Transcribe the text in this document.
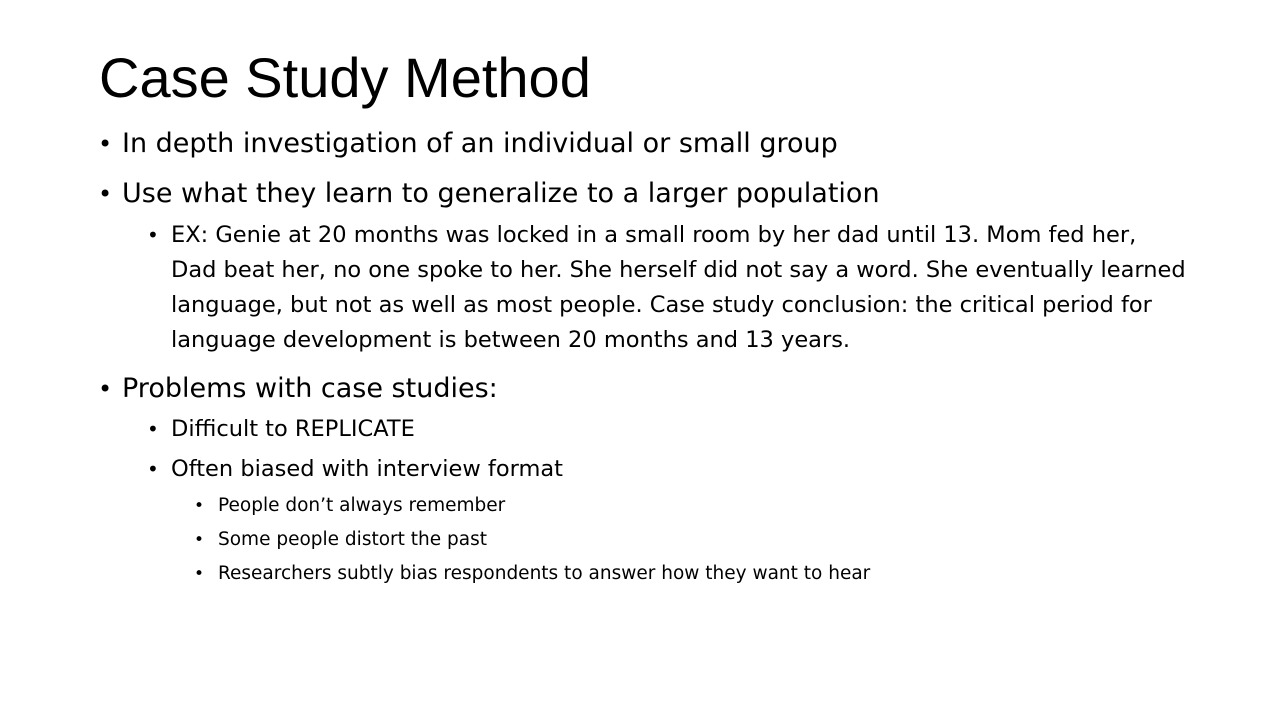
Case Study Method
• In depth investigation of an individual or small group
• Use what they learn to generalize to a larger population
• EX: Genie at 20 months was locked in a small room by her dad until 13. Mom fed her, Dad beat her, no one spoke to her. She herself did not say a word. She eventually learned language, but not as well as most people. Case study conclusion: the critical period for language development is between 20 months and 13 years.
• Problems with case studies:
• Difficult to REPLICATE
• Often biased with interview format
• People don’t always remember
• Some people distort the past
• Researchers subtly bias respondents to answer how they want to hear
